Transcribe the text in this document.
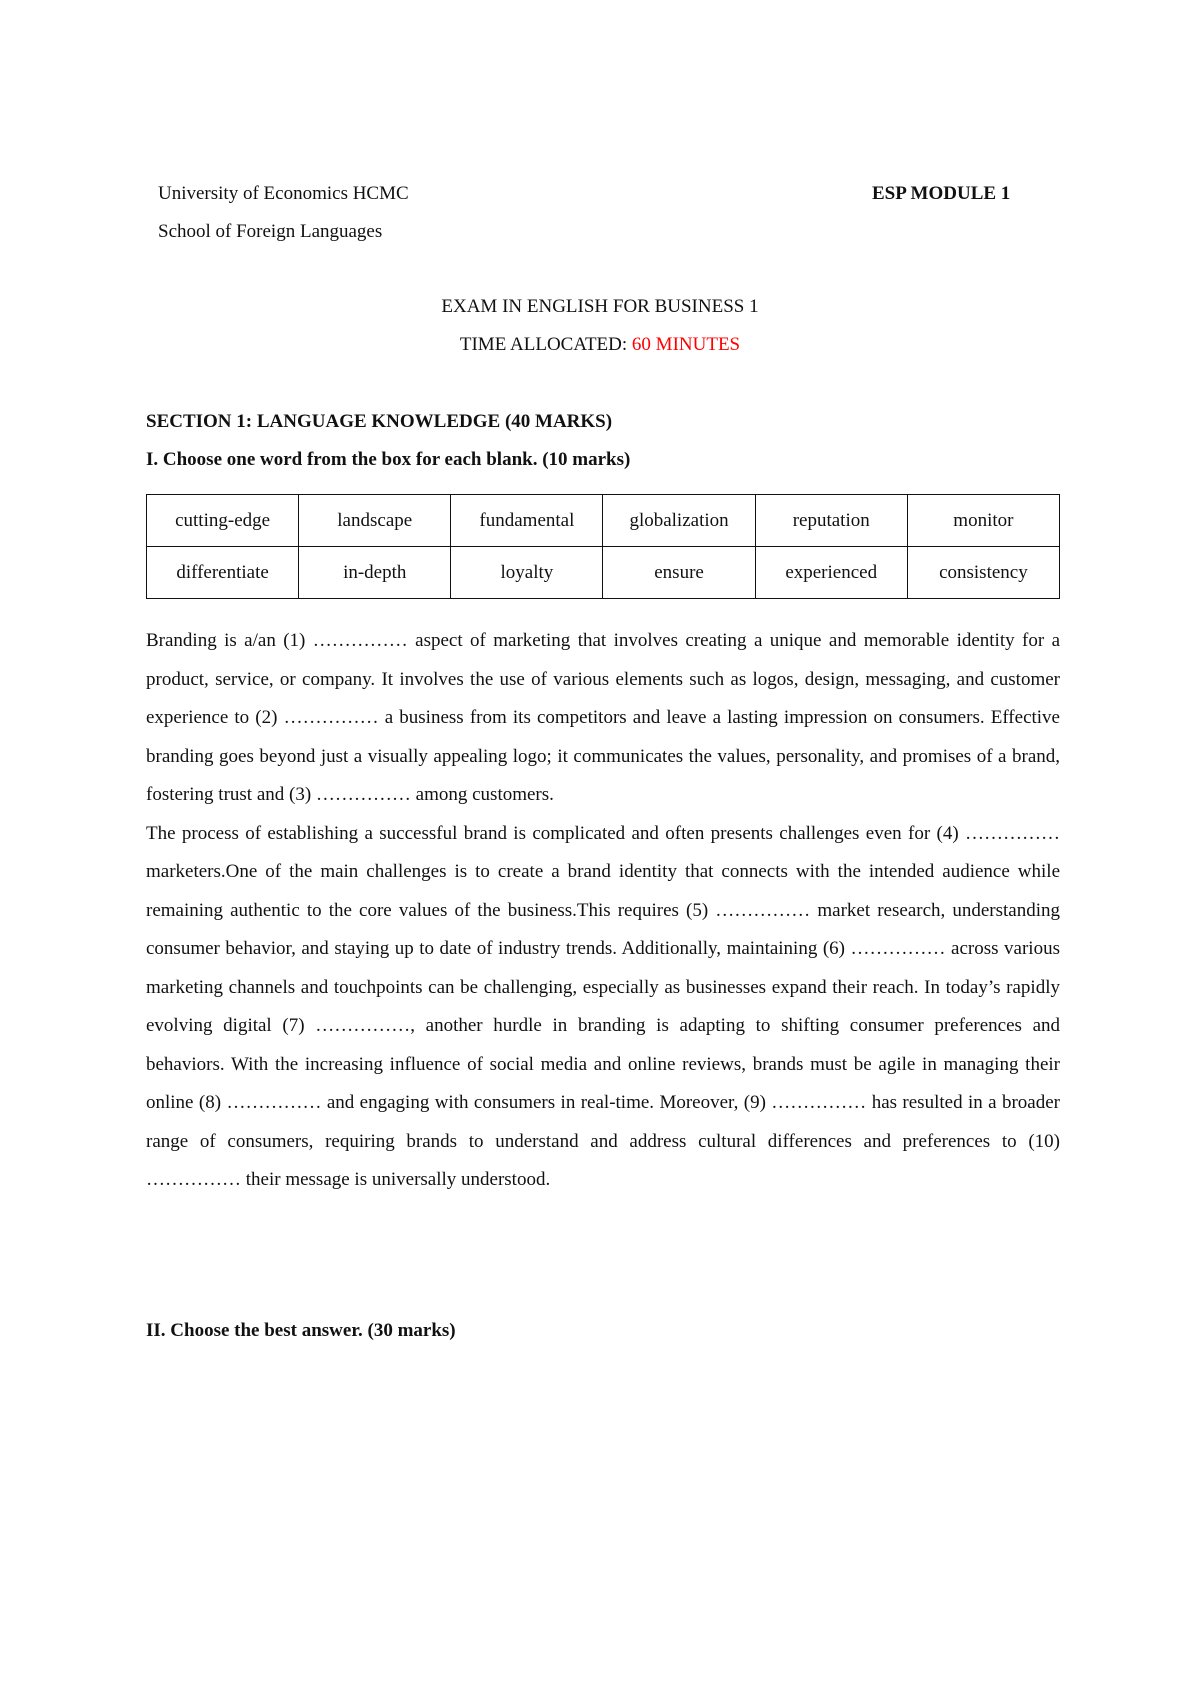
University of Economics HCMC
School of Foreign Languages
ESP MODULE 1
EXAM IN ENGLISH FOR BUSINESS 1
TIME ALLOCATED: 60 MINUTES
SECTION 1: LANGUAGE KNOWLEDGE (40 MARKS)
I. Choose one word from the box for each blank. (10 marks)
cutting-edge	landscape	fundamental	globalization	reputation	monitor
differentiate	in-depth	loyalty	ensure	experienced	consistency

Branding is a/an (1) …………… aspect of marketing that involves creating a unique and memorable identity for a product, service, or company. It involves the use of various elements such as logos, design, messaging, and customer experience to (2) …………… a business from its competitors and leave a lasting impression on consumers. Effective branding goes beyond just a visually appealing logo; it communicates the values, personality, and promises of a brand, fostering trust and (3) …………… among customers.

The process of establishing a successful brand is complicated and often presents challenges even for (4) …………… marketers.One of the main challenges is to create a brand identity that connects with the intended audience while remaining authentic to the core values of the business.This requires (5) …………… market research, understanding consumer behavior, and staying up to date of industry trends. Additionally, maintaining (6) …………… across various marketing channels and touchpoints can be challenging, especially as businesses expand their reach. In today’s rapidly evolving digital (7) ……………, another hurdle in branding is adapting to shifting consumer preferences and behaviors. With the increasing influence of social media and online reviews, brands must be agile in managing their online (8) …………… and engaging with consumers in real-time. Moreover, (9) …………… has resulted in a broader range of consumers, requiring brands to understand and address cultural differences and preferences to (10) …………… their message is universally understood.

II. Choose the best answer. (30 marks)
